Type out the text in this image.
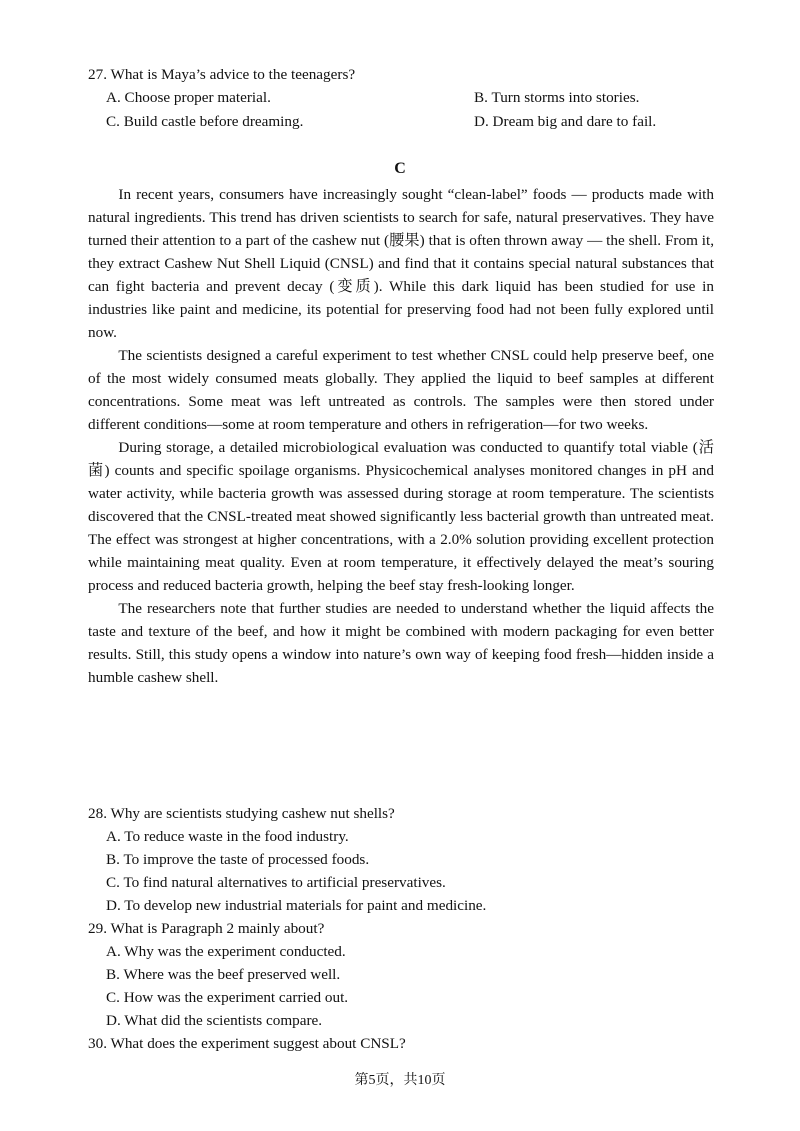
27. What is Maya’s advice to the teenagers?
A. Choose proper material.	B. Turn storms into stories.
C. Build castle before dreaming.	D. Dream big and dare to fail.
C

In recent years, consumers have increasingly sought “clean-label” foods — products made with natural ingredients. This trend has driven scientists to search for safe, natural preservatives. They have turned their attention to a part of the cashew nut (腰果) that is often thrown away — the shell. From it, they extract Cashew Nut Shell Liquid (CNSL) and find that it contains special natural substances that can fight bacteria and prevent decay (变质). While this dark liquid has been studied for use in industries like paint and medicine, its potential for preserving food had not been fully explored until now.

The scientists designed a careful experiment to test whether CNSL could help preserve beef, one of the most widely consumed meats globally. They applied the liquid to beef samples at different concentrations. Some meat was left untreated as controls. The samples were then stored under different conditions—some at room temperature and others in refrigeration—for two weeks.

During storage, a detailed microbiological evaluation was conducted to quantify total viable (活菌) counts and specific spoilage organisms. Physicochemical analyses monitored changes in pH and water activity, while bacteria growth was assessed during storage at room temperature. The scientists discovered that the CNSL-treated meat showed significantly less bacterial growth than untreated meat. The effect was strongest at higher concentrations, with a 2.0% solution providing excellent protection while maintaining meat quality. Even at room temperature, it effectively delayed the meat’s souring process and reduced bacteria growth, helping the beef stay fresh-looking longer.

The researchers note that further studies are needed to understand whether the liquid affects the taste and texture of the beef, and how it might be combined with modern packaging for even better results. Still, this study opens a window into nature’s own way of keeping food fresh—hidden inside a humble cashew shell.

28. Why are scientists studying cashew nut shells?
A. To reduce waste in the food industry.
B. To improve the taste of processed foods.
C. To find natural alternatives to artificial preservatives.
D. To develop new industrial materials for paint and medicine.
29. What is Paragraph 2 mainly about?
A. Why was the experiment conducted.
B. Where was the beef preserved well.
C. How was the experiment carried out.
D. What did the scientists compare.
30. What does the experiment suggest about CNSL?
第5页，共10页
